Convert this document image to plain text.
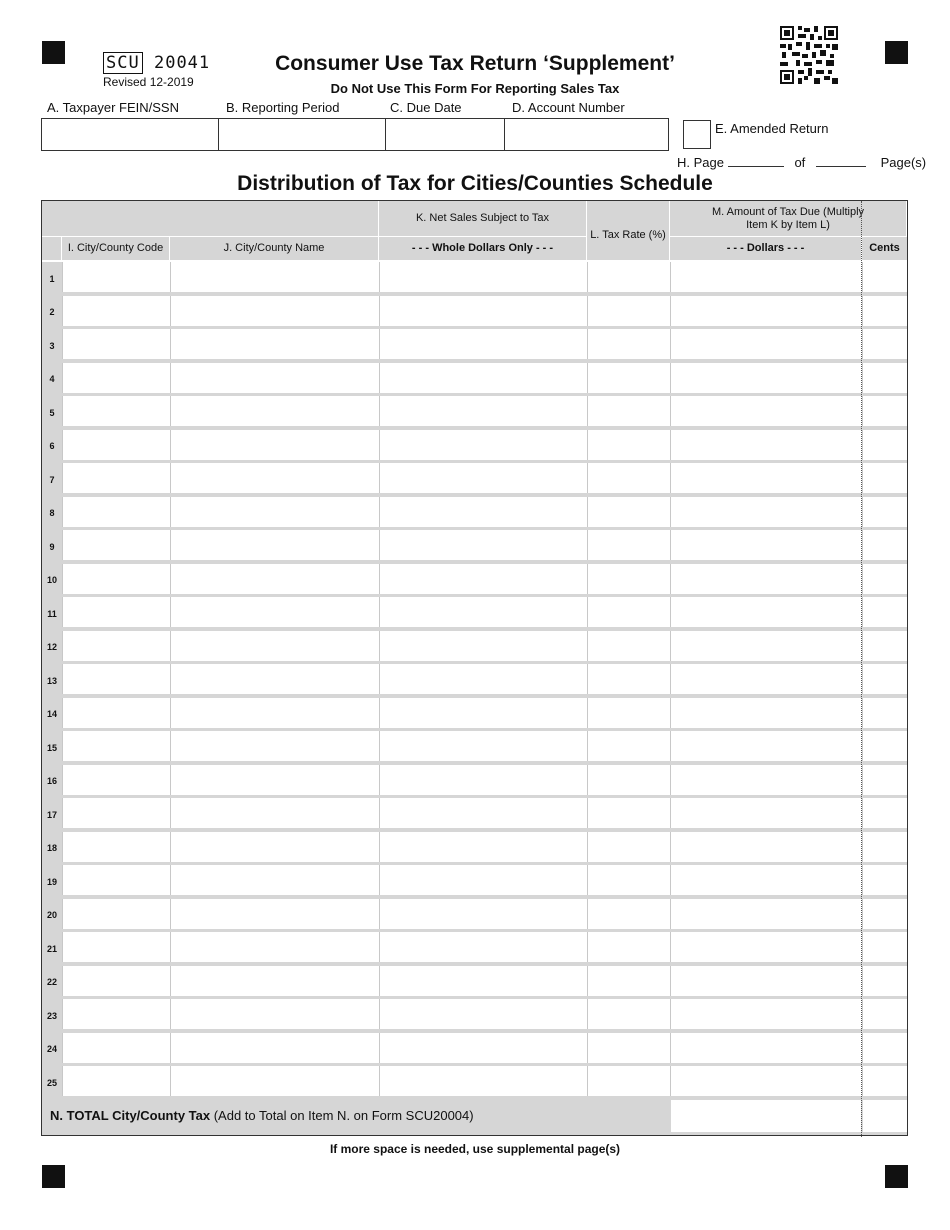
SCU 20041
Revised 12-2019
Consumer Use Tax Return ‘Supplement’
Do Not Use This Form For Reporting Sales Tax
A. Taxpayer FEIN/SSN	B. Reporting Period	C. Due Date	D. Account Number
E. Amended Return
H. Page	of	Page(s)
Distribution of Tax for Cities/Counties Schedule
K. Net Sales Subject to Tax
L. Tax Rate (%)
M. Amount of Tax Due (Multiply Item K by Item L)
I. City/County Code	J. City/County Name	- - - Whole Dollars Only - - -	- - - Dollars - - -	Cents
1
2
3
4
5
6
7
8
9
10
11
12
13
14
15
16
17
18
19
20
21
22
23
24
25
N. TOTAL City/County Tax (Add to Total on Item N. on Form SCU20004)
If more space is needed, use supplemental page(s)
